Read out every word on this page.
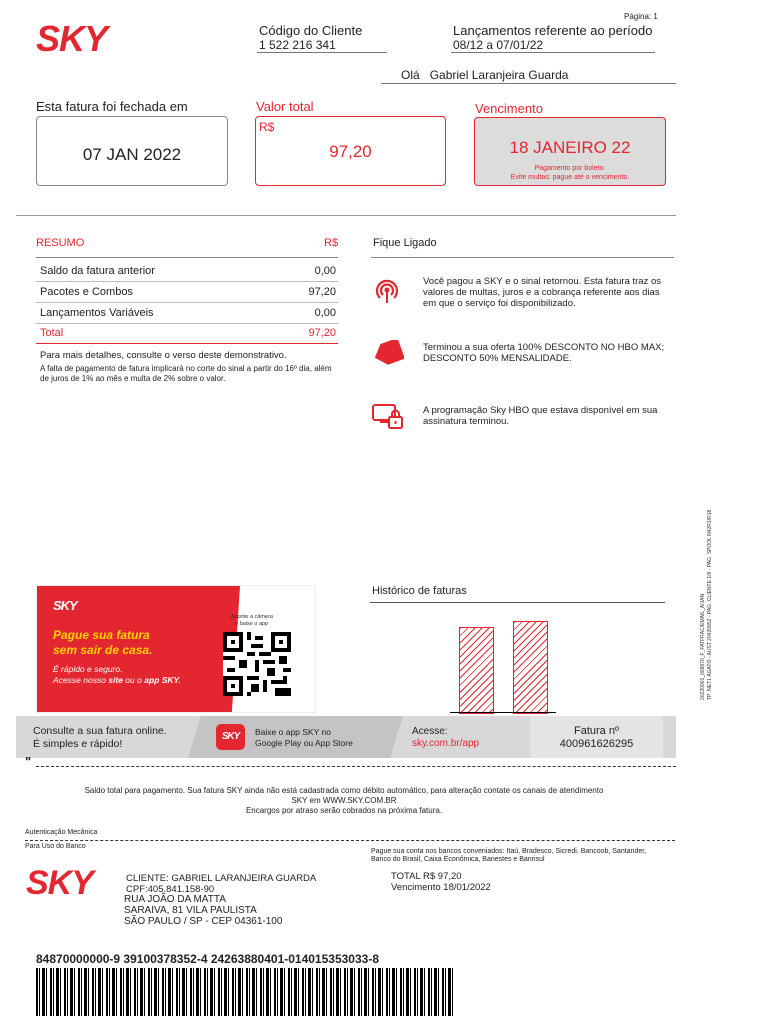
SKY
Página: 1
Código do Cliente
1 522 216 341
Lançamentos referente ao período
08/12 a 07/01/22
Olá Gabriel Laranjeira Guarda
Esta fatura foi fechada em
07 JAN 2022
Valor total
R$
97,20
Vencimento
18 JANEIRO 22
Pagamento por boleto.
Evite multas: pague até o vencimento.
RESUMO	R$
Saldo da fatura anterior	0,00
Pacotes e Combos	97,20
Lançamentos Variáveis	0,00
Total	97,20
Para mais detalhes, consulte o verso deste demonstrativo.
A falta de pagamento de fatura implicará no corte do sinal a partir do 16º dia, além de juros de 1% ao mês e multa de 2% sobre o valor.
Fique Ligado
Você pagou a SKY e o sinal retornou. Esta fatura traz os valores de multas, juros e a cobrança referente aos dias em que o serviço foi disponibilizado.
Terminou a sua oferta 100% DESCONTO NO HBO MAX; DESCONTO 50% MENSALIDADE.
A programação Sky HBO que estava disponível em sua assinatura terminou.
20220001_008870_F_FATFRAC/EMAIL_A/JAN TP: NET1 ÁGATO - AUST 20420852 - PAG. CLIENTE 1/8 - PAG. SPOOL N42R1/R18
SKY
Pague sua fatura
sem sair de casa.
É rápido e seguro.
Acesse nosso site ou o app SKY.
Aponte a câmera
e baixe o app
Histórico de faturas
Consulte a sua fatura online.
É simples e rápido!
SKY	Baixe o app SKY no
Google Play ou App Store
Acesse:
sky.com.br/app
Fatura nº
400961626295
"
Saldo total para pagamento. Sua fatura SKY ainda não está cadastrada como débito automático, para alteração contate os canais de atendimento
SKY em WWW.SKY.COM.BR
Encargos por atraso serão cobrados na próxima fatura.
Autenticação Mecânica
Para Uso do Banco
Pague sua conta nos bancos conveniados: Itaú, Bradesco, Sicredi, Bancoob, Santander, Banco do Brasil, Caixa Econômica, Banestes e Banrisul
SKY	CLIENTE: GABRIEL LARANJEIRA GUARDA
CPF:405.841.158-90
RUA JOÃO DA MATTA
SARAIVA, 81 VILA PAULISTA
SÃO PAULO / SP - CEP 04361-100
TOTAL R$ 97,20
Vencimento 18/01/2022
84870000000-9 39100378352-4 24263880401-014015353033-8
